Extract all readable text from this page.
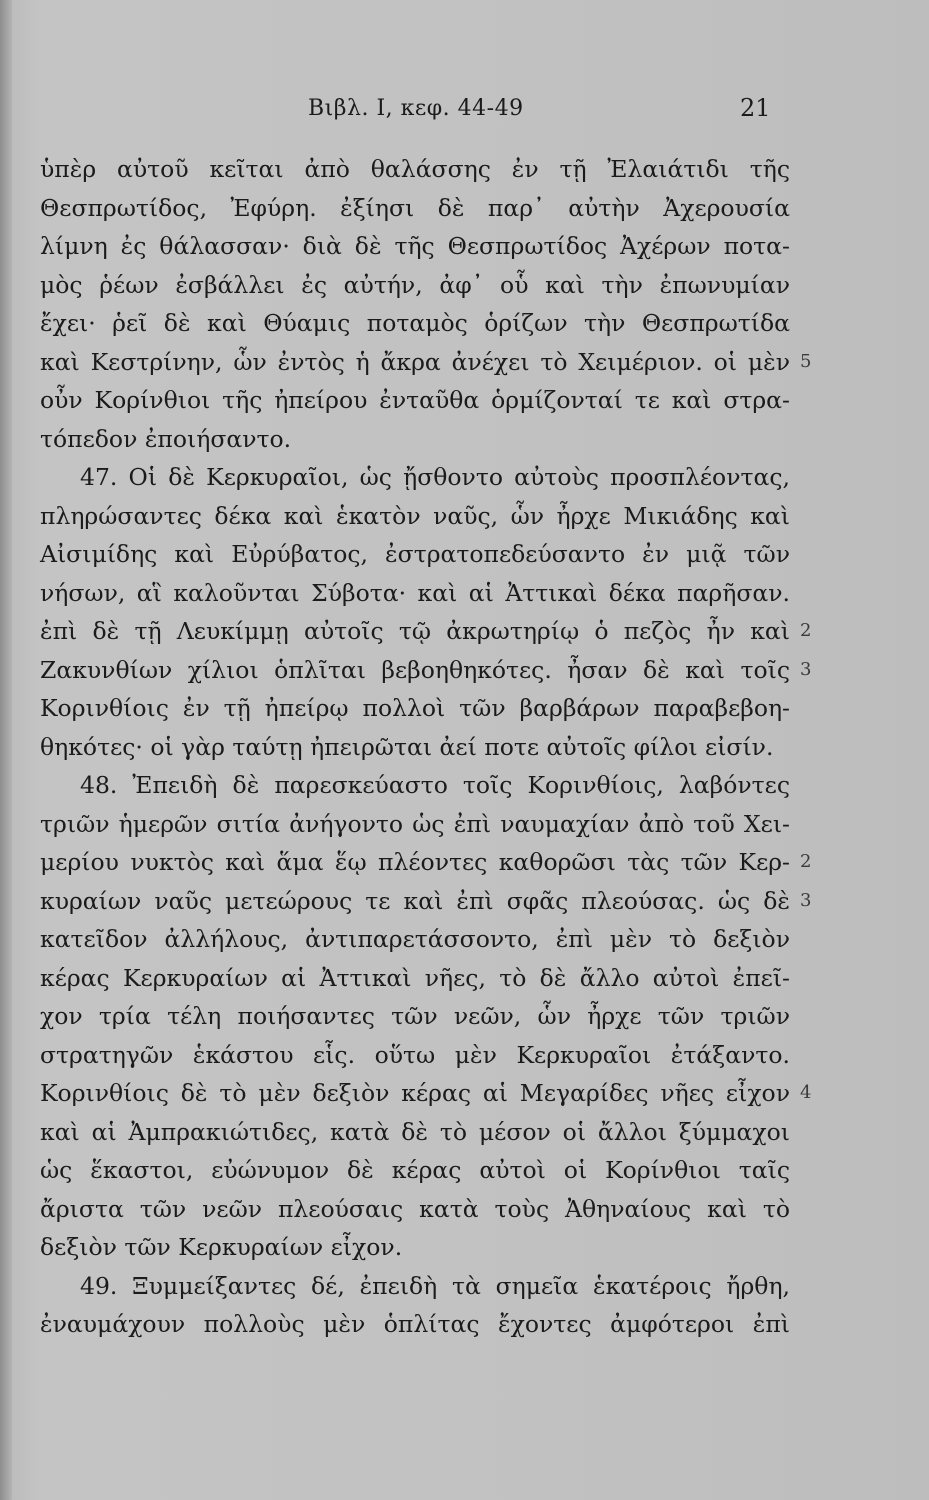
Βιβλ. Ι, κεφ. 44-49	21
ὑπὲρ αὐτοῦ κεῖται ἀπὸ θαλάσσης ἐν τῇ Ἐλαιάτιδι τῆς
Θεσπρωτίδος, Ἐφύρη. ἐξίησι δὲ παρ᾽ αὐτὴν Ἀχερουσία
λίμνη ἐς θάλασσαν· διὰ δὲ τῆς Θεσπρωτίδος Ἀχέρων ποτα-
μὸς ῥέων ἐσβάλλει ἐς αὐτήν, ἀφ᾽ οὗ καὶ τὴν ἐπωνυμίαν
ἔχει· ῥεῖ δὲ καὶ Θύαμις ποταμὸς ὁρίζων τὴν Θεσπρωτίδα
καὶ Κεστρίνην, ὧν ἐντὸς ἡ ἄκρα ἀνέχει τὸ Χειμέριον. οἱ μὲν
οὖν Κορίνθιοι τῆς ἠπείρου ἐνταῦθα ὁρμίζονταί τε καὶ στρα-
τόπεδον ἐποιήσαντο.
47. Οἱ δὲ Κερκυραῖοι, ὡς ᾔσθοντο αὐτοὺς προσπλέοντας,
πληρώσαντες δέκα καὶ ἑκατὸν ναῦς, ὧν ἦρχε Μικιάδης καὶ
Αἰσιμίδης καὶ Εὐρύβατος, ἐστρατοπεδεύσαντο ἐν μιᾷ τῶν
νήσων, αἳ καλοῦνται Σύβοτα· καὶ αἱ Ἀττικαὶ δέκα παρῆσαν.
ἐπὶ δὲ τῇ Λευκίμμῃ αὐτοῖς τῷ ἀκρωτηρίῳ ὁ πεζὸς ἦν καὶ
Ζακυνθίων χίλιοι ὁπλῖται βεβοηθηκότες. ἦσαν δὲ καὶ τοῖς
Κορινθίοις ἐν τῇ ἠπείρῳ πολλοὶ τῶν βαρβάρων παραβεβοη-
θηκότες· οἱ γὰρ ταύτῃ ἠπειρῶται ἀεί ποτε αὐτοῖς φίλοι εἰσίν.
48. Ἐπειδὴ δὲ παρεσκεύαστο τοῖς Κορινθίοις, λαβόντες
τριῶν ἡμερῶν σιτία ἀνήγοντο ὡς ἐπὶ ναυμαχίαν ἀπὸ τοῦ Χει-
μερίου νυκτὸς καὶ ἅμα ἕῳ πλέοντες καθορῶσι τὰς τῶν Κερ-
κυραίων ναῦς μετεώρους τε καὶ ἐπὶ σφᾶς πλεούσας. ὡς δὲ
κατεῖδον ἀλλήλους, ἀντιπαρετάσσοντο, ἐπὶ μὲν τὸ δεξιὸν
κέρας Κερκυραίων αἱ Ἀττικαὶ νῆες, τὸ δὲ ἄλλο αὐτοὶ ἐπεῖ-
χον τρία τέλη ποιήσαντες τῶν νεῶν, ὧν ἦρχε τῶν τριῶν
στρατηγῶν ἑκάστου εἷς. οὕτω μὲν Κερκυραῖοι ἐτάξαντο.
Κορινθίοις δὲ τὸ μὲν δεξιὸν κέρας αἱ Μεγαρίδες νῆες εἶχον
καὶ αἱ Ἀμπρακιώτιδες, κατὰ δὲ τὸ μέσον οἱ ἄλλοι ξύμμαχοι
ὡς ἕκαστοι, εὐώνυμον δὲ κέρας αὐτοὶ οἱ Κορίνθιοι ταῖς
ἄριστα τῶν νεῶν πλεούσαις κατὰ τοὺς Ἀθηναίους καὶ τὸ
δεξιὸν τῶν Κερκυραίων εἶχον.
49. Ξυμμείξαντες δέ, ἐπειδὴ τὰ σημεῖα ἑκατέροις ἤρθη,
ἐναυμάχουν πολλοὺς μὲν ὁπλίτας ἔχοντες ἀμφότεροι ἐπὶ
5
2
3
2
3
4
